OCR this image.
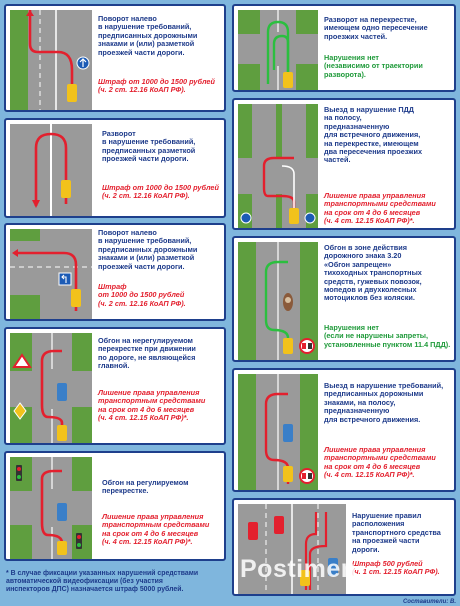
Поворот налево
в нарушение требований,
предписанных дорожными
знаками и (или) разметкой
проезжей части дороги.
Штраф от 1000 до 1500 рублей
(ч. 2 ст. 12.16 КоАП РФ).
Разворот
в нарушение требований,
предписанных разметкой
проезжей части дороги.
Штраф от 1000 до 1500 рублей
(ч. 2 ст. 12.16 КоАП РФ).
Поворот налево
в нарушение требований,
предписанных дорожными
знаками и (или) разметкой
проезжей части дороги.
Штраф
от 1000 до 1500 рублей
(ч. 2 ст. 12.16 КоАП РФ).
Обгон на нерегулируемом
перекрестке при движении
по дороге, не являющейся
главной.
Лишение права управления
транспортным средствами
на срок от 4 до 6 месяцев
(ч. 4 ст. 12.15 КоАП РФ)*.
Обгон на регулируемом
перекрестке.
Лишение права управления
транспортным средствами
на срок от 4 до 6 месяцев
(ч. 4 ст. 12.15 КоАП РФ)*.
* В случае фиксации указанных нарушений средствами
автоматической видеофиксации (без участия
инспекторов ДПС) назначается штраф 5000 рублей.
Разворот на перекрестке,
имеющем одно пересечение
проезжих частей.
Нарушения нет
(независимо от траектории
разворота).
Выезд в нарушение ПДД
на полосу,
предназначенную
для встречного движения,
на перекрестке, имеющем
два пересечения проезжих
частей.
Лишение права управления
транспортными средствами
на срок от 4 до 6 месяцев
(ч. 4 ст. 12.15 КоАП РФ)*.
Обгон в зоне действия
дорожного знака 3.20
«Обгон запрещен»
тихоходных транспортных
средств, гужевых повозок,
мопедов и двухколесных
мотоциклов без коляски.
Нарушения нет
(если не нарушены запреты,
установленные пунктом 11.4 ПДД).
Выезд в нарушение требований,
предписанных дорожными
знаками, на полосу,
предназначенную
для встречного движения.
Лишение права управления
транспортными средствами
на срок от 4 до 6 месяцев
(ч. 4 ст. 12.15 КоАП РФ)*.
Нарушение правил
расположения
транспортного средства
на проезжей части
дороги.
Штраф 500 рублей
(ч. 1 ст. 12.15 КоАП РФ).
Postimen
Составители: В.
